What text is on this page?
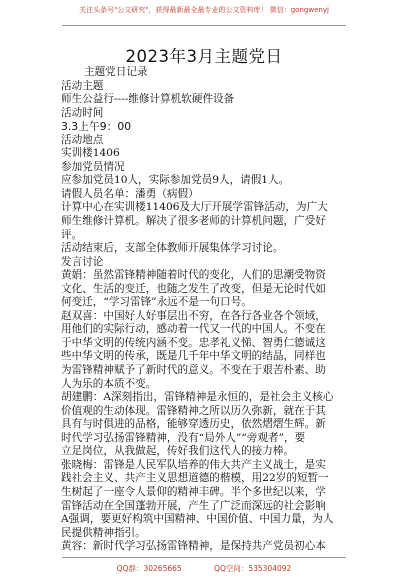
关注头条号"公文研究"，获得最新最全最专业的公文资料库！ 微信：gongwenyj
2023年3月主题党日
主题党日记录
活动主题
师生公益行----维修计算机软硬件设备
活动时间
3.3上午9：00
活动地点
实训楼1406
参加党员情况
应参加党员10人，实际参加党员9人，请假1人。
请假人员名单：潘勇（病假）
计算中心在实训楼11406及大厅开展学雷锋活动，为广大
师生维修计算机。解决了很多老师的计算机问题，广受好
评。
活动结束后，支部全体教师开展集体学习讨论。
发言讨论
黄娟：虽然雷锋精神随着时代的变化，人们的思潮受物资
文化、生活的变迁，也随之发生了改变，但是无论时代如
何变迁，“学习雷锋”永远不是一句口号。
赵双喜：中国好人好事层出不穷，在各行各业各个领域，
用他们的实际行动，感动着一代又一代的中国人。不变在
于中华文明的传统内涵不变。忠孝礼义悌、智勇仁德诚这
些中华文明的传承，既是几千年中华文明的结晶，同样也
为雷锋精神赋予了新时代的意义。不变在于艰苦朴素、助
人为乐的本质不变。
胡建鹏：A深刻指出，雷锋精神是永恒的，是社会主义核心
价值观的生动体现。雷锋精神之所以历久弥新，就在于其
具有与时俱进的品格，能够穿透历史，依然熠熠生辉。新
时代学习弘扬雷锋精神，没有“局外人”“旁观者”，要
立足岗位，从我做起，传好我们这代人的接力棒。
张晓梅：雷锋是人民军队培养的伟大共产主义战士，是实
践社会主义、共产主义思想道德的楷模，用22岁的短暂一
生树起了一座令人景仰的精神丰碑。半个多世纪以来，学
雷锋活动在全国蓬勃开展，产生了广泛而深远的社会影响
A强调，要更好构筑中国精神、中国价值、中国力量，为人
民提供精神指引。
黄容：新时代学习弘扬雷锋精神，是保持共产党员初心本
QQ群：30265665	QQ空间：535304092
